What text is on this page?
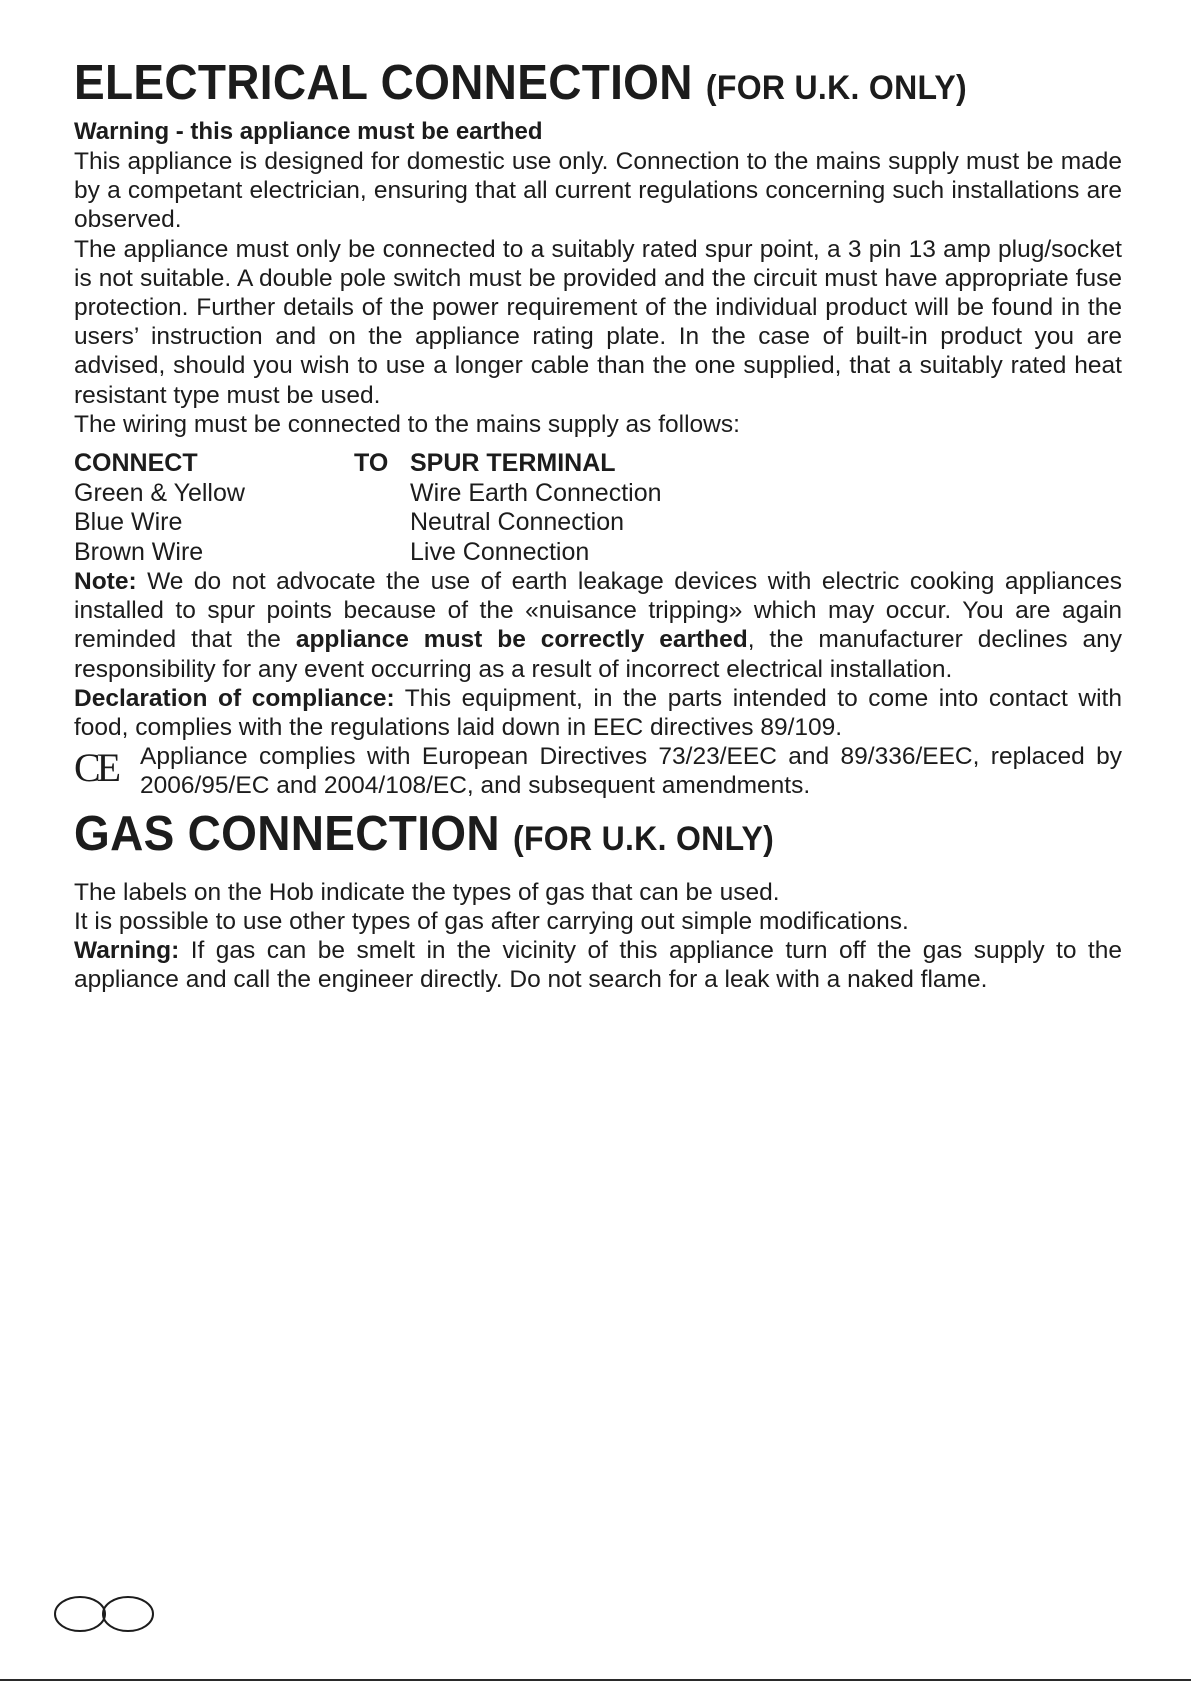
ELECTRICAL CONNECTION (FOR U.K. ONLY)
Warning - this appliance must be earthed

This appliance is designed for domestic use only. Connection to the mains supply must be made by a competant electrician, ensuring that all current regulations concerning such installations are observed.

The appliance must only be connected to a suitably rated spur point, a 3 pin 13 amp plug/socket is not suitable. A double pole switch must be provided and the circuit must have appropriate fuse protection. Further details of the power requirement of the individual product will be found in the users’ instruction and on the appliance rating plate. In the case of built-in product you are advised, should you wish to use a longer cable than the one supplied, that a suitably rated heat resistant type must be used.

The wiring must be connected to the mains supply as follows:

CONNECT
Green & Yellow
Blue Wire
Brown Wire
TO SPUR TERMINAL
Wire Earth Connection
Neutral Connection
Live Connection

Note: We do not advocate the use of earth leakage devices with electric cooking appliances installed to spur points because of the «nuisance tripping» which may occur. You are again reminded that the appliance must be correctly earthed, the manufacturer declines any responsibility for any event occurring as a result of incorrect electrical installation.

Declaration of compliance: This equipment, in the parts intended to come into contact with food, complies with the regulations laid down in EEC directives 89/109.

CE Appliance complies with European Directives 73/23/EEC and 89/336/EEC, replaced by 2006/95/EC and 2004/108/EC, and subsequent amendments.

GAS CONNECTION (FOR U.K. ONLY)

The labels on the Hob indicate the types of gas that can be used.

It is possible to use other types of gas after carrying out simple modifications.

Warning: If gas can be smelt in the vicinity of this appliance turn off the gas supply to the appliance and call the engineer directly. Do not search for a leak with a naked flame.
